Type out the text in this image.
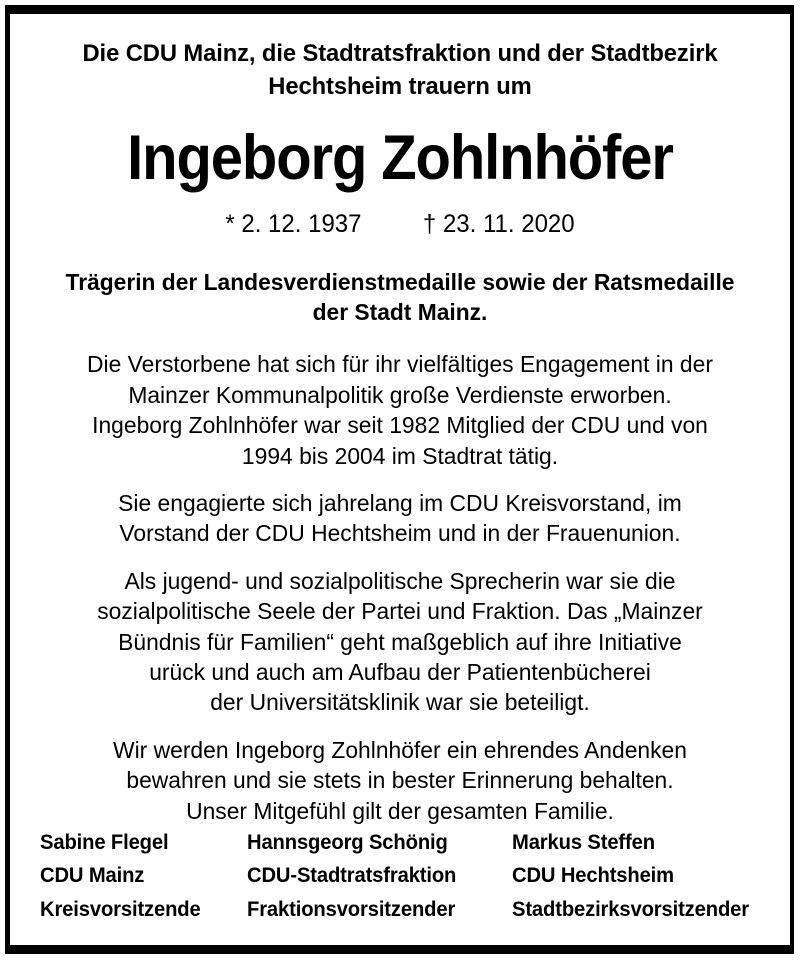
Die CDU Mainz, die Stadtratsfraktion und der Stadtbezirk Hechtsheim trauern um
Ingeborg Zohlnhöfer
* 2. 12. 1937 † 23. 11. 2020
Trägerin der Landesverdienstmedaille sowie der Ratsmedaille der Stadt Mainz.

Die Verstorbene hat sich für ihr vielfältiges Engagement in der
Mainzer Kommunalpolitik große Verdienste erworben.
Ingeborg Zohlnhöfer war seit 1982 Mitglied der CDU und von
1994 bis 2004 im Stadtrat tätig.

Sie engagierte sich jahrelang im CDU Kreisvorstand, im
Vorstand der CDU Hechtsheim und in der Frauenunion.

Als jugend- und sozialpolitische Sprecherin war sie die
sozialpolitische Seele der Partei und Fraktion. Das „Mainzer
Bündnis für Familien“ geht maßgeblich auf ihre Initiative
urück und auch am Aufbau der Patientenbücherei
der Universitätsklinik war sie beteiligt.

Wir werden Ingeborg Zohlnhöfer ein ehrendes Andenken
bewahren und sie stets in bester Erinnerung behalten.
Unser Mitgefühl gilt der gesamten Familie.

Sabine Flegel
CDU Mainz
Kreisvorsitzende
Hannsgeorg Schönig
CDU-Stadtratsfraktion
Fraktionsvorsitzender
Markus Steffen
CDU Hechtsheim
Stadtbezirksvorsitzender
